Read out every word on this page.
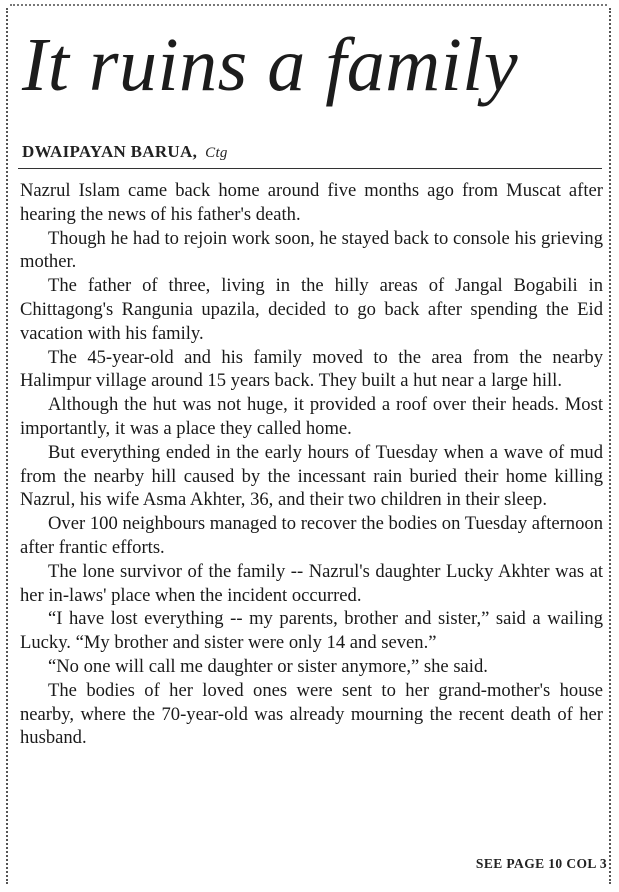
It ruins a family
DWAIPAYAN BARUA, Ctg

Nazrul Islam came back home around five months ago from Muscat after hearing the news of his father's death.

Though he had to rejoin work soon, he stayed back to console his grieving mother.

The father of three, living in the hilly areas of Jangal Bogabili in Chittagong's Rangunia upazila, decided to go back after spending the Eid vacation with his family.

The 45-year-old and his family moved to the area from the nearby Halimpur village around 15 years back. They built a hut near a large hill.

Although the hut was not huge, it provided a roof over their heads. Most importantly, it was a place they called home.

But everything ended in the early hours of Tuesday when a wave of mud from the nearby hill caused by the incessant rain buried their home killing Nazrul, his wife Asma Akhter, 36, and their two children in their sleep.

Over 100 neighbours managed to recover the bodies on Tuesday afternoon after frantic efforts.

The lone survivor of the family -- Nazrul's daughter Lucky Akhter was at her in-laws' place when the incident occurred.

“I have lost everything -- my parents, brother and sister,” said a wailing Lucky. “My brother and sister were only 14 and seven.”

“No one will call me daughter or sister anymore,” she said.

The bodies of her loved ones were sent to her grand-mother's house nearby, where the 70-year-old was already mourning the recent death of her husband.

SEE PAGE 10 COL 3
